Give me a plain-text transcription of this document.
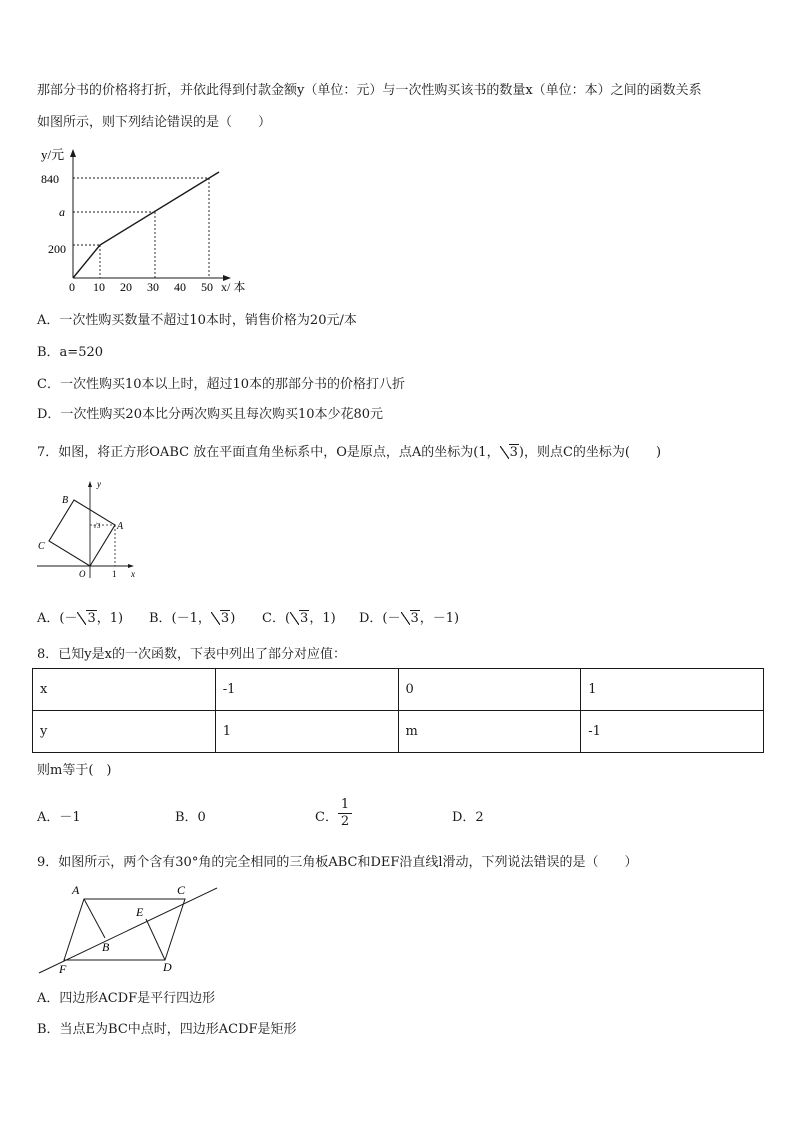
那部分书的价格将打折，并依此得到付款金额y（单位：元）与一次性购买该书的数量x（单位：本）之间的函数关系
如图所示，则下列结论错误的是（　　）
y/元
x/ 本
840
a
200
0 10 20 30 40 50
A．一次性购买数量不超过10本时，销售价格为20元/本
B．a=520
C．一次性购买10本以上时，超过10本的那部分书的价格打八折
D．一次性购买20本比分两次购买且每次购买10本少花80元
7．如图，将正方形OABC 放在平面直角坐标系中，O是原点，点A的坐标为(1， 3)，则点C的坐标为(　　)
B
C
A
O
y
x
1
√3
A．(－ 3，1) B．(－1， 3) C．( 3，1) D．(－ 3，－1)
8．已知y是x的一次函数，下表中列出了部分对应值：
x	-1	0	1
y	1	m	-1
则m等于(　)
A．－1	B．0	C． $\frac{1}{2}$	D．2
9．如图所示，两个含有30°角的完全相同的三角板ABC和DEF沿直线l滑动，下列说法错误的是（　　）
A	C
E
B
F	D
A．四边形ACDF是平行四边形
B．当点E为BC中点时，四边形ACDF是矩形
